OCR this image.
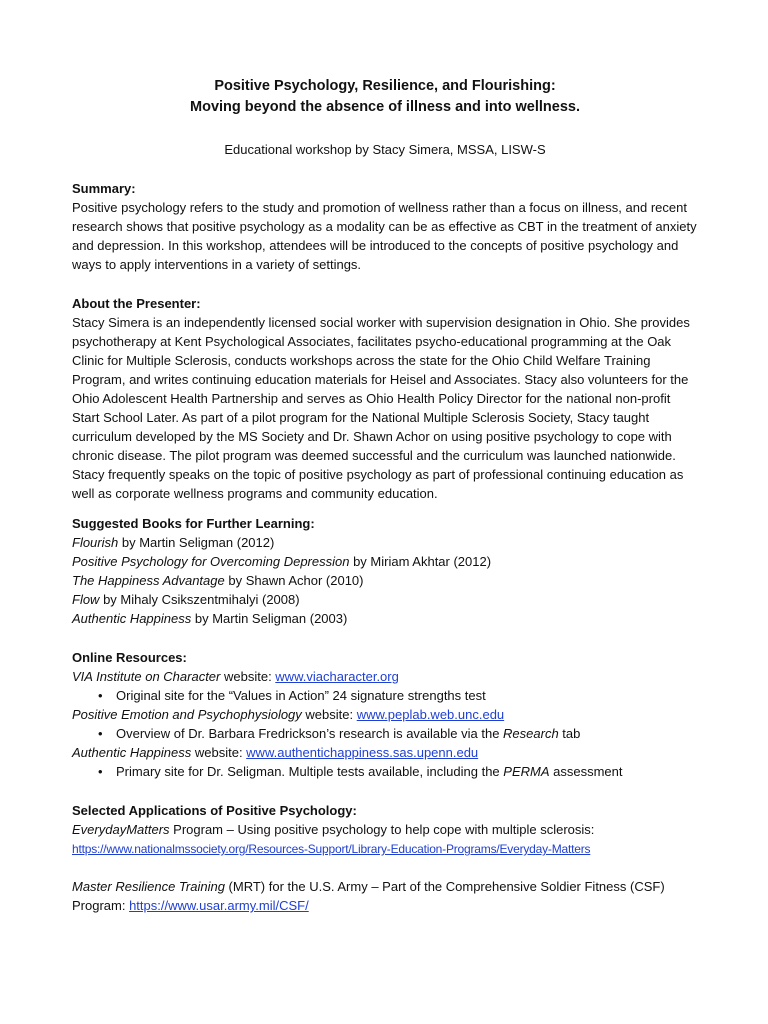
Positive Psychology, Resilience, and Flourishing:
Moving beyond the absence of illness and into wellness.
Educational workshop by Stacy Simera, MSSA, LISW-S
Summary:

Positive psychology refers to the study and promotion of wellness rather than a focus on illness, and recent research shows that positive psychology as a modality can be as effective as CBT in the treatment of anxiety and depression. In this workshop, attendees will be introduced to the concepts of positive psychology and ways to apply interventions in a variety of settings.

About the Presenter:

Stacy Simera is an independently licensed social worker with supervision designation in Ohio. She provides psychotherapy at Kent Psychological Associates, facilitates psycho-educational programming at the Oak Clinic for Multiple Sclerosis, conducts workshops across the state for the Ohio Child Welfare Training Program, and writes continuing education materials for Heisel and Associates. Stacy also volunteers for the Ohio Adolescent Health Partnership and serves as Ohio Health Policy Director for the national non-profit Start School Later. As part of a pilot program for the National Multiple Sclerosis Society, Stacy taught curriculum developed by the MS Society and Dr. Shawn Achor on using positive psychology to cope with chronic disease. The pilot program was deemed successful and the curriculum was launched nationwide. Stacy frequently speaks on the topic of positive psychology as part of professional continuing education as well as corporate wellness programs and community education.

Suggested Books for Further Learning:
Flourish by Martin Seligman (2012)
Positive Psychology for Overcoming Depression by Miriam Akhtar (2012)
The Happiness Advantage by Shawn Achor (2010)
Flow by Mihaly Csikszentmihalyi (2008)
Authentic Happiness by Martin Seligman (2003)
Online Resources:
VIA Institute on Character website: www.viacharacter.org
• Original site for the “Values in Action” 24 signature strengths test
Positive Emotion and Psychophysiology website: www.peplab.web.unc.edu
• Overview of Dr. Barbara Fredrickson’s research is available via the Research tab
Authentic Happiness website: www.authentichappiness.sas.upenn.edu
• Primary site for Dr. Seligman. Multiple tests available, including the PERMA assessment
Selected Applications of Positive Psychology:
EverydayMatters Program – Using positive psychology to help cope with multiple sclerosis:
https://www.nationalmssociety.org/Resources-Support/Library-Education-Programs/Everyday-Matters

Master Resilience Training (MRT) for the U.S. Army – Part of the Comprehensive Soldier Fitness (CSF) Program: https://www.usar.army.mil/CSF/
